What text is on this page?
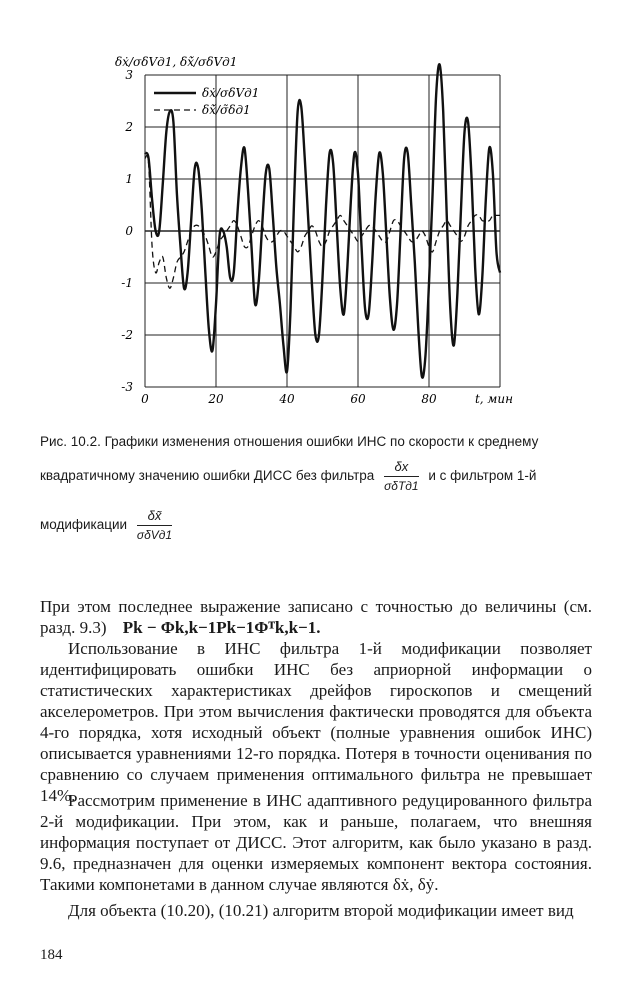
3
2
1
0
-1
-2
-3
0	20	40	60	80	t, мин
δẋ/σδVд1, δẋ̃/σδVд1
δẋ/σδVд1
δẋ̃/σ̃δд1
Рис. 10.2. Графики изменения отношения ошибки ИНС по скорости к среднему
квадратичному значению ошибки ДИСС без фильтра $\frac{\delta x}{\text{σδTд1}}$ и с фильтром 1-й
модификации $\frac{\delta x̃}{\text{σδVд1}}$
При этом последнее выражение записано с точностью до величины (см. разд. 9.3) Pk − Φk,k−1Pk−1Φᵀk,k−1.
Использование в ИНС фильтра 1-й модификации позволяет идентифицировать ошибки ИНС без априорной информации о статистических характеристиках дрейфов гироскопов и смещений акселерометров. При этом вычисления фактически проводятся для объекта 4-го порядка, хотя исходный объект (полные уравнения ошибок ИНС) описывается уравнениями 12-го порядка. Потеря в точности оценивания по сравнению со случаем применения оптимального фильтра не превышает 14%.
Рассмотрим применение в ИНС адаптивного редуцированного фильтра 2-й модификации. При этом, как и раньше, полагаем, что внешняя информация поступает от ДИСС. Этот алгоритм, как было указано в разд. 9.6, предназначен для оценки измеряемых компонент вектора состояния. Такими компонетами в данном случае являются δẋ, δẏ.
Для объекта (10.20), (10.21) алгоритм второй модификации имеет вид
184
